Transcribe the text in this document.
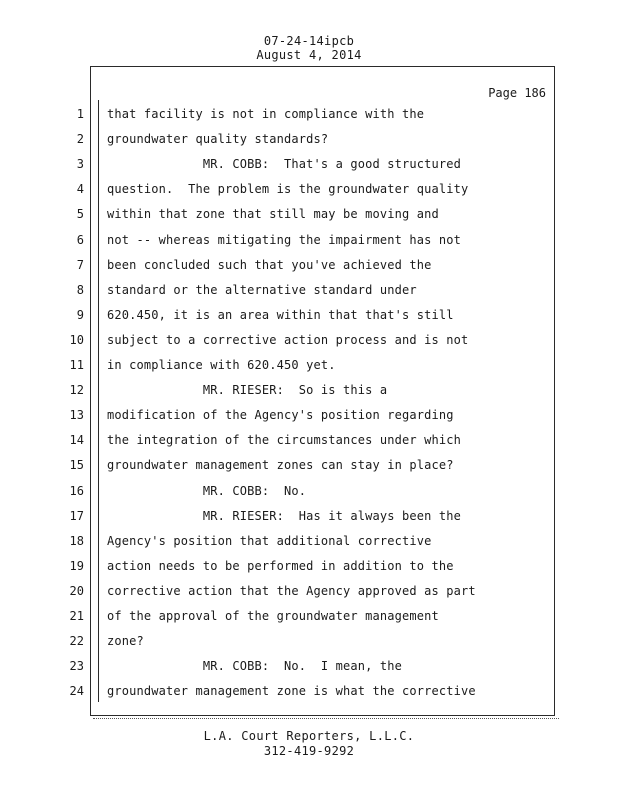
07-24-14ipcb
August 4, 2014
Page 186
1 that facility is not in compliance with the
2 groundwater quality standards?
3 MR. COBB:  That's a good structured
4 question.  The problem is the groundwater quality
5 within that zone that still may be moving and
6 not -- whereas mitigating the impairment has not
7 been concluded such that you've achieved the
8 standard or the alternative standard under
9 620.450, it is an area within that that's still
10 subject to a corrective action process and is not
11 in compliance with 620.450 yet.
12 MR. RIESER:  So is this a
13 modification of the Agency's position regarding
14 the integration of the circumstances under which
15 groundwater management zones can stay in place?
16 MR. COBB:  No.
17 MR. RIESER:  Has it always been the
18 Agency's position that additional corrective
19 action needs to be performed in addition to the
20 corrective action that the Agency approved as part
21 of the approval of the groundwater management
22 zone?
23 MR. COBB:  No.  I mean, the
24 groundwater management zone is what the corrective
L.A. Court Reporters, L.L.C.
312-419-9292
